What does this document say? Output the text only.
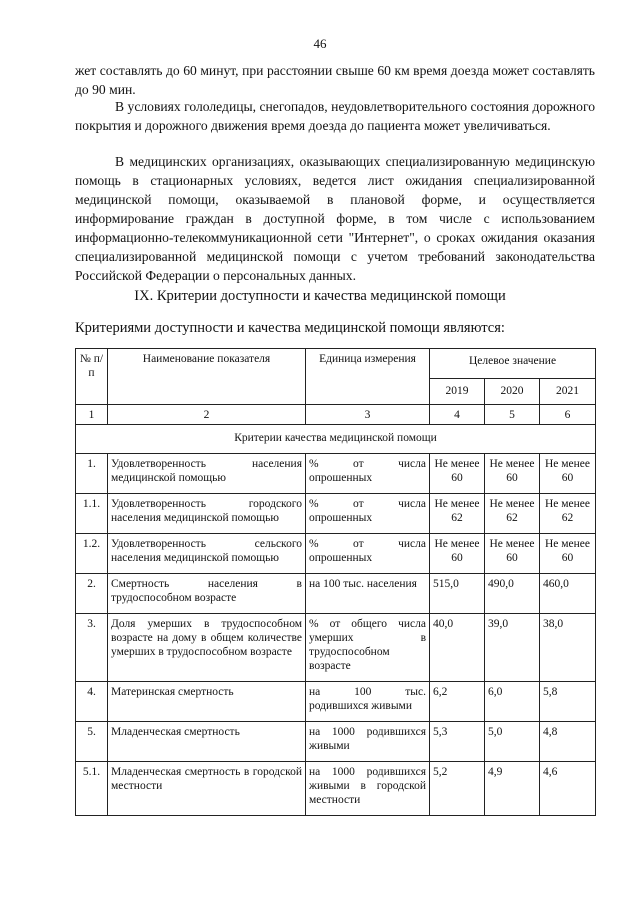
46
жет составлять до 60 минут, при расстоянии свыше 60 км время доезда может составлять до 90 мин.
В условиях гололедицы, снегопадов, неудовлетворительного состояния дорожного покрытия и дорожного движения время доезда до пациента может увеличиваться.
В медицинских организациях, оказывающих специализированную медицинскую помощь в стационарных условиях, ведется лист ожидания специализированной медицинской помощи, оказываемой в плановой форме, и осуществляется информирование граждан в доступной форме, в том числе с использованием информационно-телекоммуникационной сети "Интернет", о сроках ожидания оказания специализированной медицинской помощи с учетом требований законодательства Российской Федерации о персональных данных.
IX. Критерии доступности и качества медицинской помощи
Критериями доступности и качества медицинской помощи являются:
№ п/п	Наименование показателя	Единица измерения	Целевое значение		
			2019	2020	2021
1	2	3	4	5	6
Критерии качества медицинской помощи					
1.	Удовлетворенность населения медицинской помощью	% от числа опрошенных	Не менее 60	Не менее 60	Не менее 60
1.1.	Удовлетворенность городского населения медицинской помощью	% от числа опрошенных	Не менее 62	Не менее 62	Не менее 62
1.2.	Удовлетворенность сельского населения медицинской помощью	% от числа опрошенных	Не менее 60	Не менее 60	Не менее 60
2.	Смертность населения в трудоспособном возрасте	на 100 тыс. населения	515,0	490,0	460,0
3.	Доля умерших в трудоспособном возрасте на дому в общем количестве умерших в трудоспособном возрасте	% от общего числа умерших в трудоспособном возрасте	40,0	39,0	38,0
4.	Материнская смертность	на 100 тыс. родившихся живыми	6,2	6,0	5,8
5.	Младенческая смертность	на 1000 родившихся живыми	5,3	5,0	4,8
5.1.	Младенческая смертность в городской местности	на 1000 родившихся живыми в городской местности	5,2	4,9	4,6
